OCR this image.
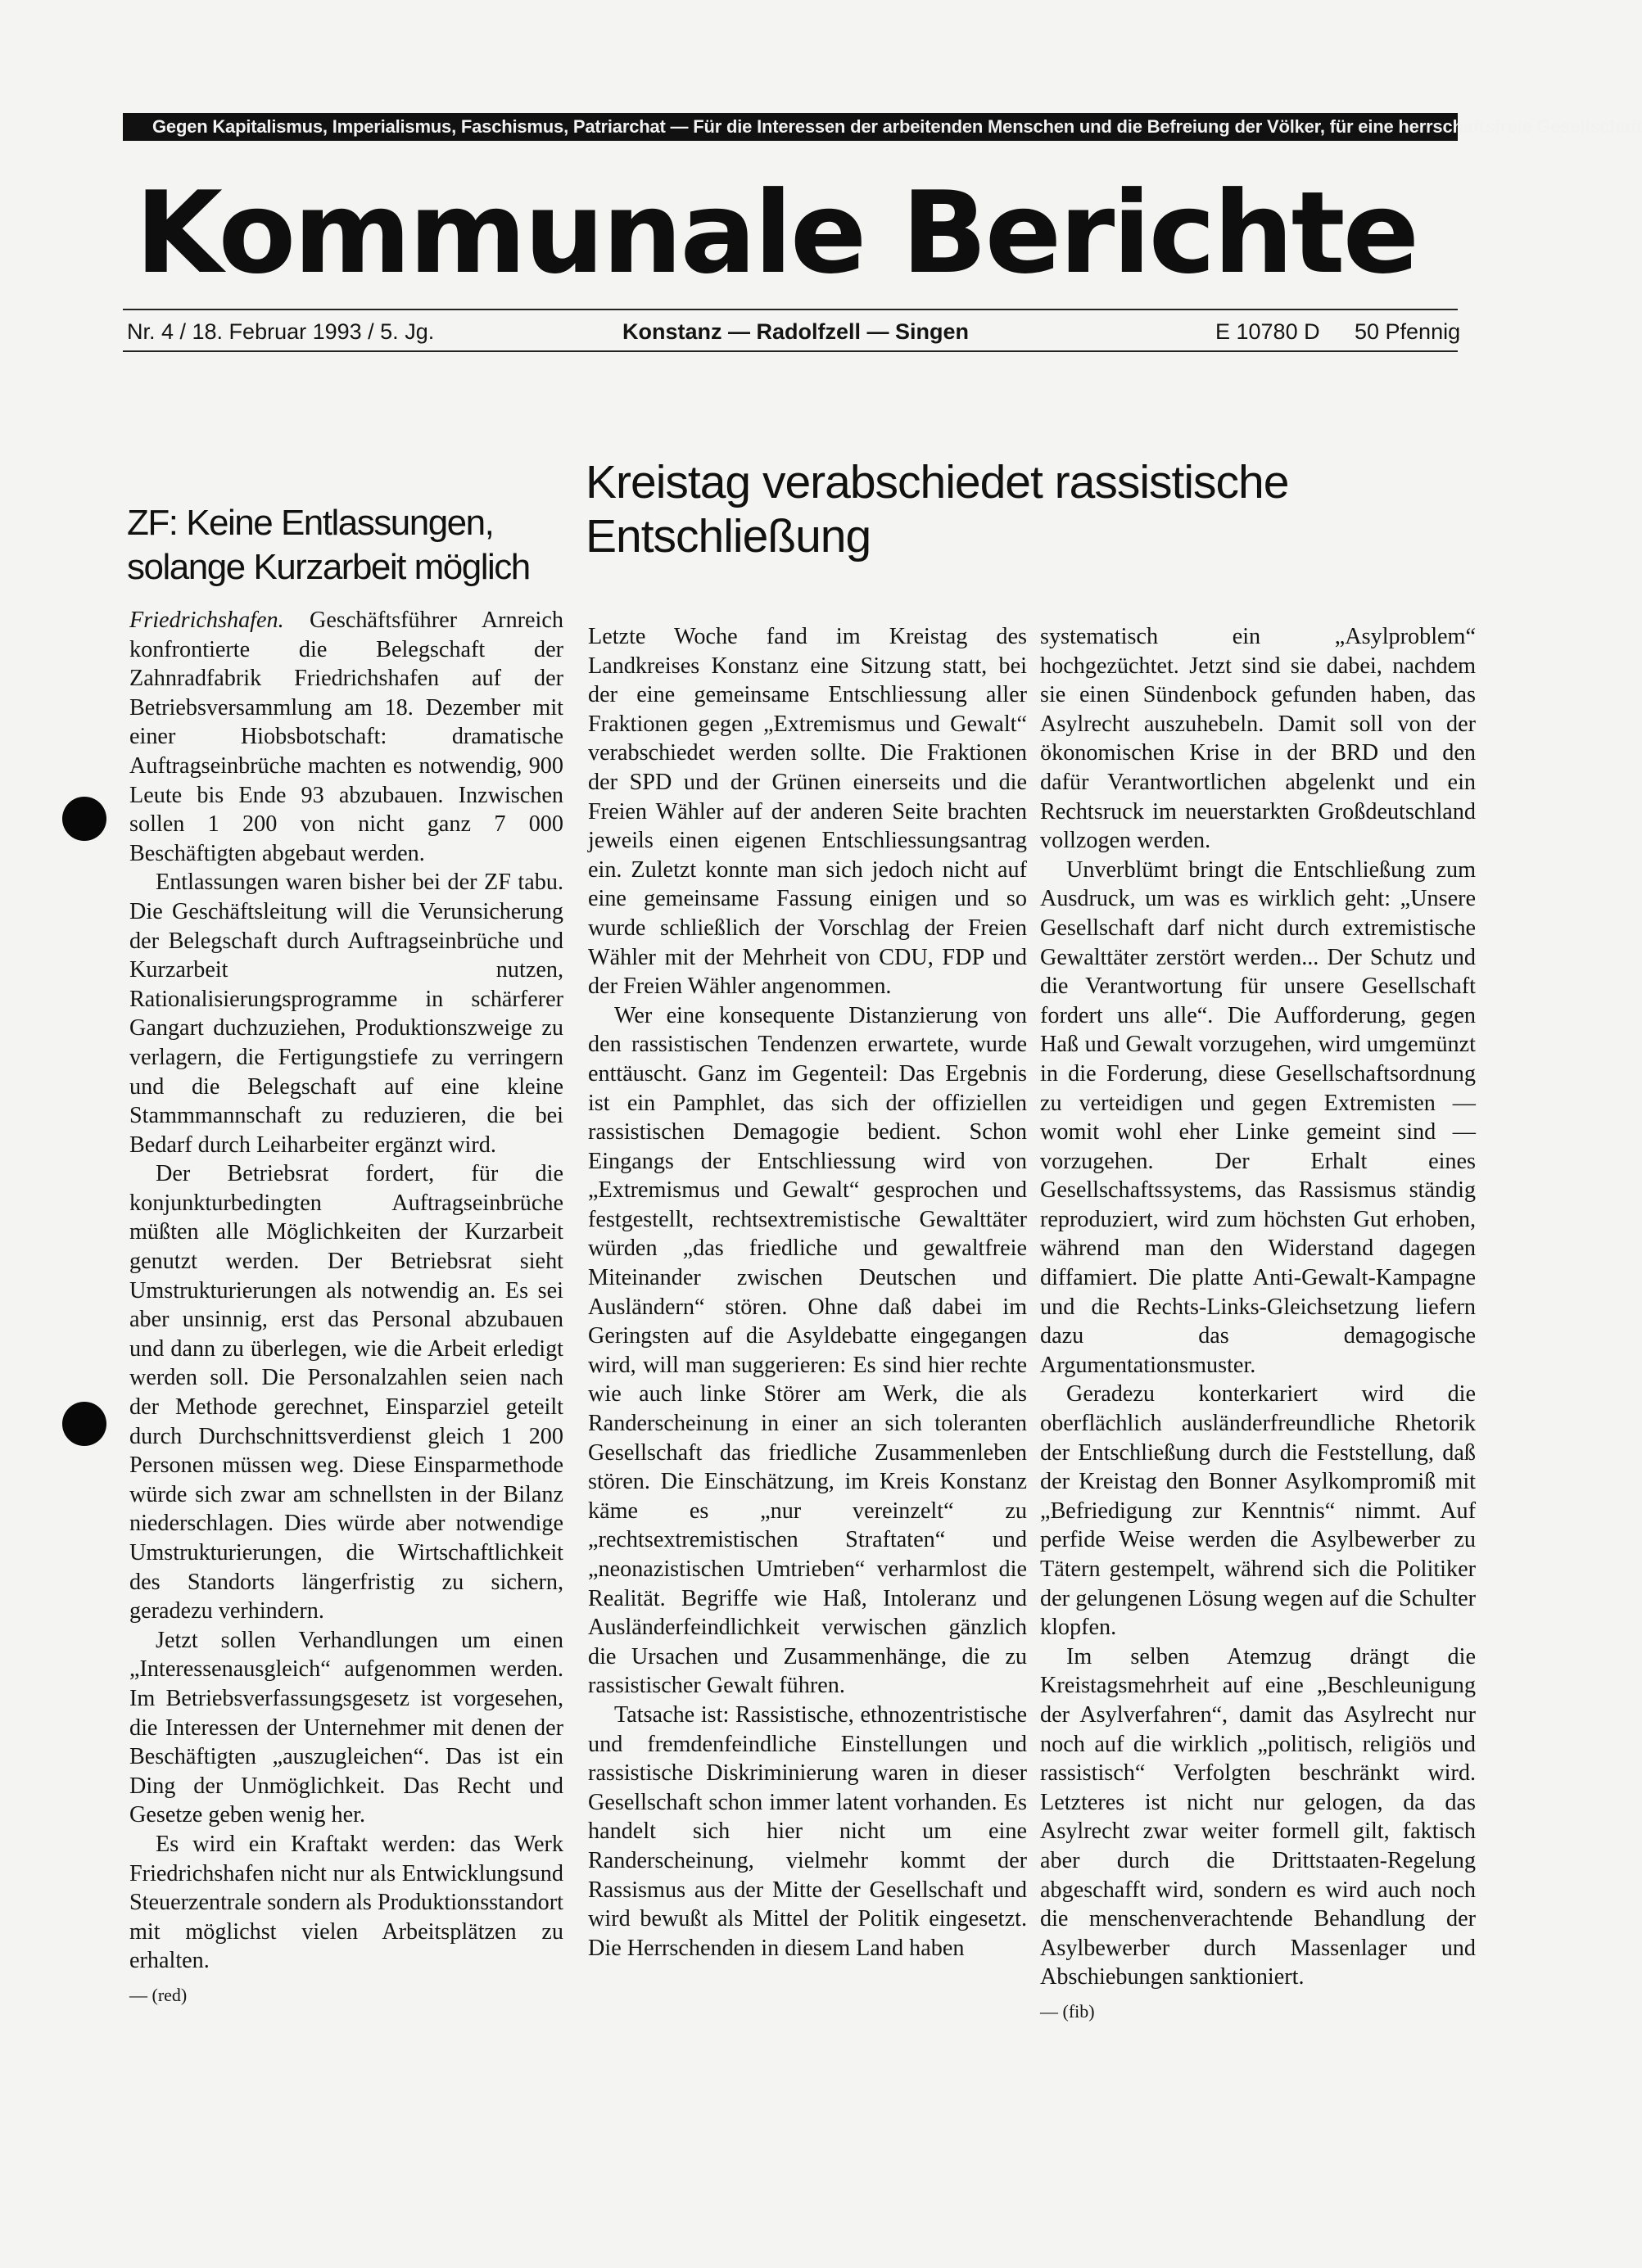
Gegen Kapitalismus, Imperialismus, Faschismus, Patriarchat — Für die Interessen der arbeitenden Menschen und die Befreiung der Völker, für eine herrschaftsfreie Gesellschaft
Kommunale Berichte
Nr. 4 / 18. Februar 1993 / 5. Jg.	Konstanz — Radolfzell — Singen	E 10780 D 50 Pfennig
ZF: Keine Entlassungen, solange Kurzarbeit möglich
Kreistag verabschiedet rassistische Entschließung

Friedrichshafen. Geschäftsführer Arnreich konfrontierte die Belegschaft der Zahnradfabrik Friedrichshafen auf der Betriebsversammlung am 18. Dezember mit einer Hiobsbotschaft: dramatische Auftragseinbrüche machten es notwendig, 900 Leute bis Ende 93 abzubauen. Inzwischen sollen 1 200 von nicht ganz 7 000 Beschäftigten abgebaut werden.

Entlassungen waren bisher bei der ZF tabu. Die Geschäftsleitung will die Verunsicherung der Belegschaft durch Auftragseinbrüche und Kurzarbeit nutzen, Rationalisierungsprogramme in schärferer Gangart duchzuziehen, Produktionszweige zu verlagern, die Fertigungstiefe zu verringern und die Belegschaft auf eine kleine Stammmannschaft zu reduzieren, die bei Bedarf durch Leiharbeiter ergänzt wird.

Der Betriebsrat fordert, für die konjunkturbedingten Auftragseinbrüche müßten alle Möglichkeiten der Kurzarbeit genutzt werden. Der Betriebsrat sieht Umstrukturierungen als notwendig an. Es sei aber unsinnig, erst das Personal abzubauen und dann zu überlegen, wie die Arbeit erledigt werden soll. Die Personalzahlen seien nach der Methode gerechnet, Einsparziel geteilt durch Durchschnittsverdienst gleich 1 200 Personen müssen weg. Diese Einsparmethode würde sich zwar am schnellsten in der Bilanz niederschlagen. Dies würde aber notwendige Umstrukturierungen, die Wirtschaftlichkeit des Standorts längerfristig zu sichern, geradezu verhindern.

Jetzt sollen Verhandlungen um einen „Interessenausgleich“ aufgenommen werden. Im Betriebsverfassungsgesetz ist vorgesehen, die Interessen der Unternehmer mit denen der Beschäftigten „auszugleichen“. Das ist ein Ding der Unmöglichkeit. Das Recht und Gesetze geben wenig her.

Es wird ein Kraftakt werden: das Werk Friedrichshafen nicht nur als Entwicklungsund Steuerzentrale sondern als Produktionsstandort mit möglichst vielen Arbeitsplätzen zu erhalten.

— (red)

Letzte Woche fand im Kreistag des Landkreises Konstanz eine Sitzung statt, bei der eine gemeinsame Entschliessung aller Fraktionen gegen „Extremismus und Gewalt“ verabschiedet werden sollte. Die Fraktionen der SPD und der Grünen einerseits und die Freien Wähler auf der anderen Seite brachten jeweils einen eigenen Entschliessungsantrag ein. Zuletzt konnte man sich jedoch nicht auf eine gemeinsame Fassung einigen und so wurde schließlich der Vorschlag der Freien Wähler mit der Mehrheit von CDU, FDP und der Freien Wähler angenommen.

Wer eine konsequente Distanzierung von den rassistischen Tendenzen erwartete, wurde enttäuscht. Ganz im Gegenteil: Das Ergebnis ist ein Pamphlet, das sich der offiziellen rassistischen Demagogie bedient. Schon Eingangs der Entschliessung wird von „Extremismus und Gewalt“ gesprochen und festgestellt, rechtsextremistische Gewalttäter würden „das friedliche und gewaltfreie Miteinander zwischen Deutschen und Ausländern“ stören. Ohne daß dabei im Geringsten auf die Asyldebatte eingegangen wird, will man suggerieren: Es sind hier rechte wie auch linke Störer am Werk, die als Randerscheinung in einer an sich toleranten Gesellschaft das friedliche Zusammenleben stören. Die Einschätzung, im Kreis Konstanz käme es „nur vereinzelt“ zu „rechtsextremistischen Straftaten“ und „neonazistischen Umtrieben“ verharmlost die Realität. Begriffe wie Haß, Intoleranz und Ausländerfeindlichkeit verwischen gänzlich die Ursachen und Zusammenhänge, die zu rassistischer Gewalt führen.

Tatsache ist: Rassistische, ethnozentristische und fremdenfeindliche Einstellungen und rassistische Diskriminierung waren in dieser Gesellschaft schon immer latent vorhanden. Es handelt sich hier nicht um eine Randerscheinung, vielmehr kommt der Rassismus aus der Mitte der Gesellschaft und wird bewußt als Mittel der Politik eingesetzt. Die Herrschenden in diesem Land haben

systematisch ein „Asylproblem“ hochgezüchtet. Jetzt sind sie dabei, nachdem sie einen Sündenbock gefunden haben, das Asylrecht auszuhebeln. Damit soll von der ökonomischen Krise in der BRD und den dafür Verantwortlichen abgelenkt und ein Rechtsruck im neuerstarkten Großdeutschland vollzogen werden.

Unverblümt bringt die Entschließung zum Ausdruck, um was es wirklich geht: „Unsere Gesellschaft darf nicht durch extremistische Gewalttäter zerstört werden... Der Schutz und die Verantwortung für unsere Gesellschaft fordert uns alle“. Die Aufforderung, gegen Haß und Gewalt vorzugehen, wird umgemünzt in die Forderung, diese Gesellschaftsordnung zu verteidigen und gegen Extremisten — womit wohl eher Linke gemeint sind — vorzugehen. Der Erhalt eines Gesellschaftssystems, das Rassismus ständig reproduziert, wird zum höchsten Gut erhoben, während man den Widerstand dagegen diffamiert. Die platte Anti-Gewalt-Kampagne und die Rechts-Links-Gleichsetzung liefern dazu das demagogische Argumentationsmuster.

Geradezu konterkariert wird die oberflächlich ausländerfreundliche Rhetorik der Entschließung durch die Feststellung, daß der Kreistag den Bonner Asylkompromiß mit „Befriedigung zur Kenntnis“ nimmt. Auf perfide Weise werden die Asylbewerber zu Tätern gestempelt, während sich die Politiker der gelungenen Lösung wegen auf die Schulter klopfen.

Im selben Atemzug drängt die Kreistagsmehrheit auf eine „Beschleunigung der Asylverfahren“, damit das Asylrecht nur noch auf die wirklich „politisch, religiös und rassistisch“ Verfolgten beschränkt wird. Letzteres ist nicht nur gelogen, da das Asylrecht zwar weiter formell gilt, faktisch aber durch die Drittstaaten-Regelung abgeschafft wird, sondern es wird auch noch die menschenverachtende Behandlung der Asylbewerber durch Massenlager und Abschiebungen sanktioniert.

— (fib)
